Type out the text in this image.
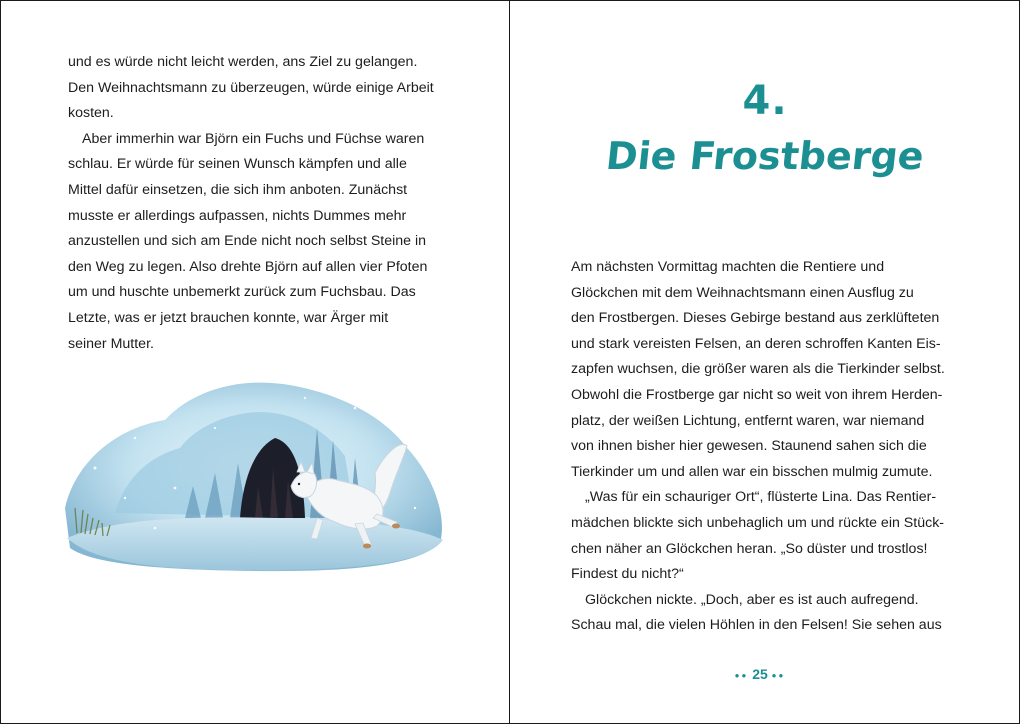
und es würde nicht leicht werden, ans Ziel zu gelangen.
Den Weihnachtsmann zu überzeugen, würde einige Arbeit
kosten.
Aber immerhin war Björn ein Fuchs und Füchse waren
schlau. Er würde für seinen Wunsch kämpfen und alle
Mittel dafür einsetzen, die sich ihm anboten. Zunächst
musste er allerdings aufpassen, nichts Dummes mehr
anzustellen und sich am Ende nicht noch selbst Steine in
den Weg zu legen. Also drehte Björn auf allen vier Pfoten
um und huschte unbemerkt zurück zum Fuchsbau. Das
Letzte, was er jetzt brauchen konnte, war Ärger mit
seiner Mutter.
4.
Die Frostberge
Am nächsten Vormittag machten die Rentiere und
Glöckchen mit dem Weihnachtsmann einen Ausflug zu
den Frostbergen. Dieses Gebirge bestand aus zerklüfteten
und stark vereisten Felsen, an deren schroffen Kanten Eis-
zapfen wuchsen, die größer waren als die Tierkinder selbst.
Obwohl die Frostberge gar nicht so weit von ihrem Herden-
platz, der weißen Lichtung, entfernt waren, war niemand
von ihnen bisher hier gewesen. Staunend sahen sich die
Tierkinder um und allen war ein bisschen mulmig zumute.
„Was für ein schauriger Ort“, flüsterte Lina. Das Rentier-
mädchen blickte sich unbehaglich um und rückte ein Stück-
chen näher an Glöckchen heran. „So düster und trostlos!
Findest du nicht?“
Glöckchen nickte. „Doch, aber es ist auch aufregend.
Schau mal, die vielen Höhlen in den Felsen! Sie sehen aus
●● 25 ●●
